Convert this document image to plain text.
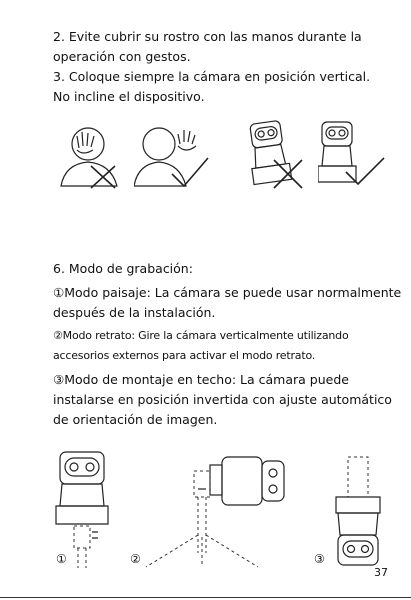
2. Evite cubrir su rostro con las manos durante la
operación con gestos.
3. Coloque siempre la cámara en posición vertical.
No incline el dispositivo.
6. Modo de grabación:
①Modo paisaje: La cámara se puede usar normalmente
después de la instalación.
②Modo retrato: Gire la cámara verticalmente utilizando
accesorios externos para activar el modo retrato.
③Modo de montaje en techo: La cámara puede
instalarse en posición invertida con ajuste automático
de orientación de imagen.
①	②	③
37
